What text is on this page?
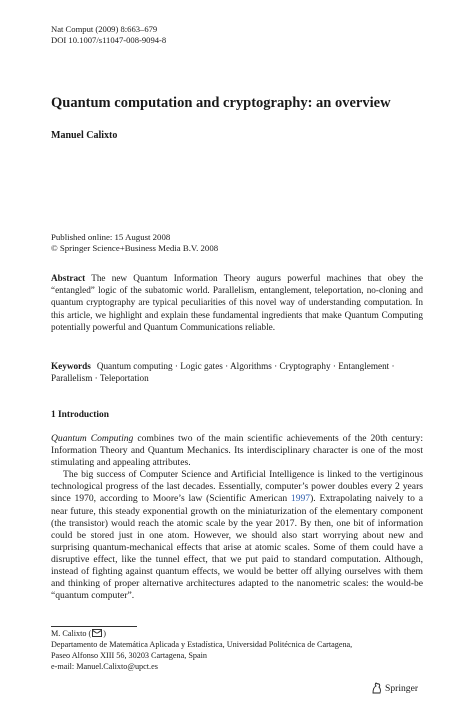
Nat Comput (2009) 8:663–679
DOI 10.1007/s11047-008-9094-8
Quantum computation and cryptography: an overview
Manuel Calixto
Published online: 15 August 2008
© Springer Science+Business Media B.V. 2008
Abstract The new Quantum Information Theory augurs powerful machines that obey the “entangled” logic of the subatomic world. Parallelism, entanglement, teleportation, no-cloning and quantum cryptography are typical peculiarities of this novel way of understanding computation. In this article, we highlight and explain these fundamental ingredients that make Quantum Computing potentially powerful and Quantum Communications reliable.
Keywords Quantum computing · Logic gates · Algorithms · Cryptography · Entanglement · Parallelism · Teleportation
1 Introduction

Quantum Computing combines two of the main scientific achievements of the 20th century: Information Theory and Quantum Mechanics. Its interdisciplinary character is one of the most stimulating and appealing attributes.

The big success of Computer Science and Artificial Intelligence is linked to the vertiginous technological progress of the last decades. Essentially, computer’s power doubles every 2 years since 1970, according to Moore’s law (Scientific American 1997). Extrapolating naively to a near future, this steady exponential growth on the miniaturization of the elementary component (the transistor) would reach the atomic scale by the year 2017. By then, one bit of information could be stored just in one atom. However, we should also start worrying about new and surprising quantum-mechanical effects that arise at atomic scales. Some of them could have a disruptive effect, like the tunnel effect, that we put paid to standard computation. Although, instead of fighting against quantum effects, we would be better off allying ourselves with them and thinking of proper alternative architectures adapted to the nanometric scales: the would-be “quantum computer”.

M. Calixto ( )
Departamento de Matemática Aplicada y Estadística, Universidad Politécnica de Cartagena,
Paseo Alfonso XIII 56, 30203 Cartagena, Spain
e-mail: Manuel.Calixto@upct.es
Springer
